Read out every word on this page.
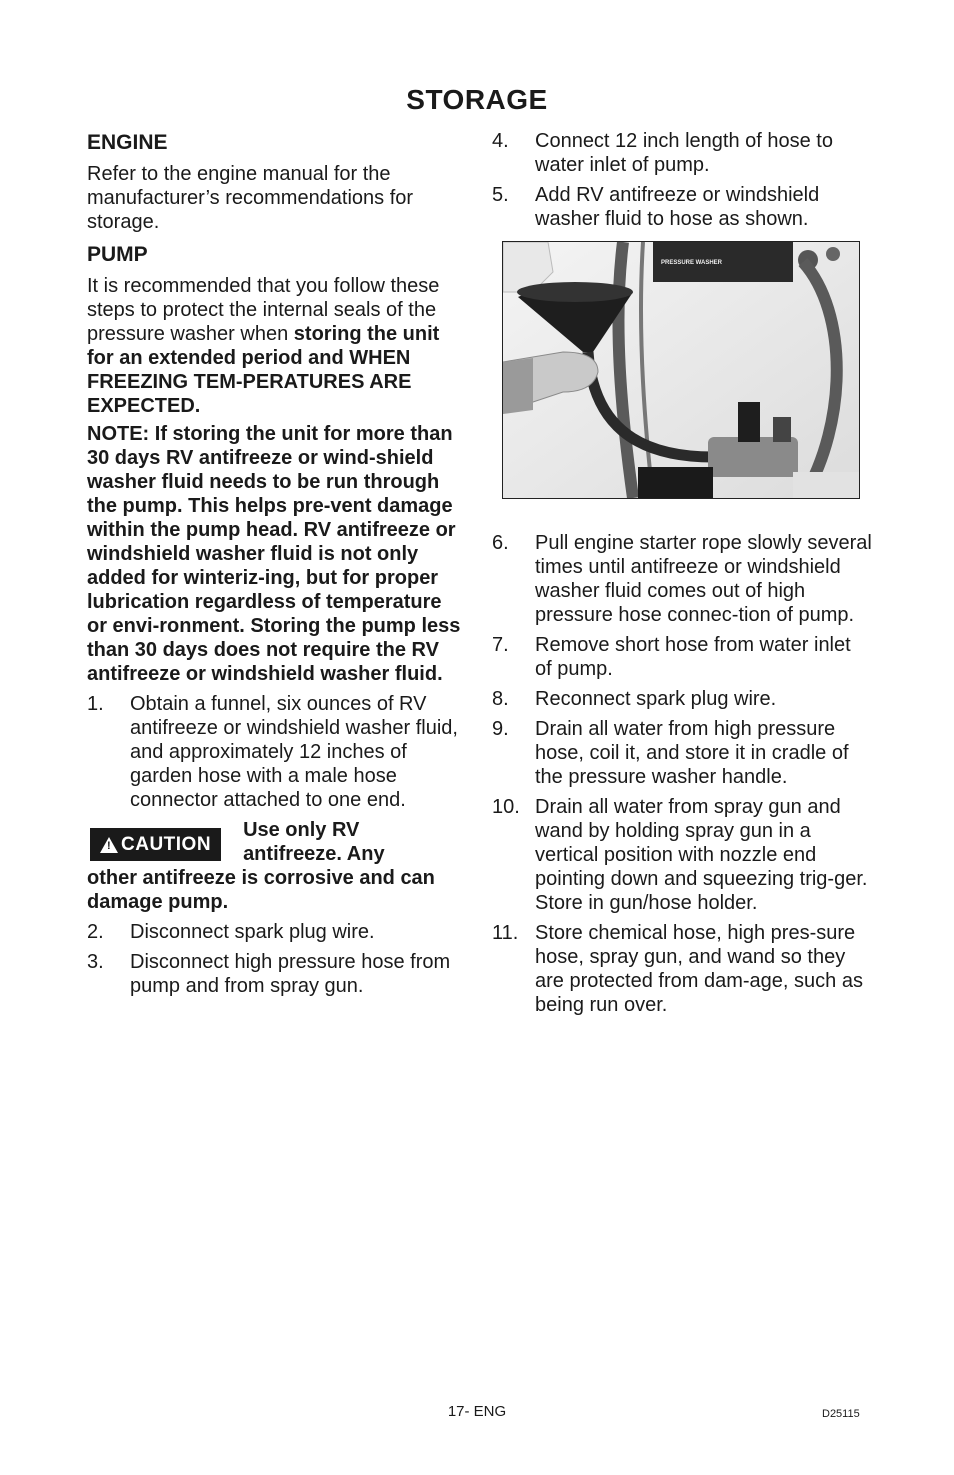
STORAGE
ENGINE

Refer to the engine manual for the manufacturer’s recommendations for storage.

PUMP

It is recommended that you follow these steps to protect the internal seals of the pressure washer when storing the unit for an extended period and WHEN FREEZING TEM-PERATURES ARE EXPECTED.

NOTE: If storing the unit for more than 30 days RV antifreeze or wind-shield washer fluid needs to be run through the pump. This helps pre-vent damage within the pump head. RV antifreeze or windshield washer fluid is not only added for winteriz-ing, but for proper lubrication regardless of temperature or envi-ronment. Storing the pump less than 30 days does not require the RV antifreeze or windshield washer fluid.

1.	Obtain a funnel, six ounces of RV antifreeze or windshield washer fluid, and approximately 12 inches of garden hose with a male hose connector attached to one end.
! CAUTION
Use only RV antifreeze. Any
other antifreeze is corrosive and can damage pump.
2.	Disconnect spark plug wire.
3.	Disconnect high pressure hose from pump and from spray gun.
4.	Connect 12 inch length of hose to water inlet of pump.
5.	Add RV antifreeze or windshield washer fluid to hose as shown.
PRESSURE WASHER
6.	Pull engine starter rope slowly several times until antifreeze or windshield washer fluid comes out of high pressure hose connec-tion of pump.
7.	Remove short hose from water inlet of pump.
8.	Reconnect spark plug wire.
9.	Drain all water from high pressure hose, coil it, and store it in cradle of the pressure washer handle.
10. Drain all water from spray gun and wand by holding spray gun in a vertical position with nozzle end pointing down and squeezing trig-ger. Store in gun/hose holder.
11. Store chemical hose, high pres-sure hose, spray gun, and wand so they are protected from dam-age, such as being run over.
17- ENG	D25115
